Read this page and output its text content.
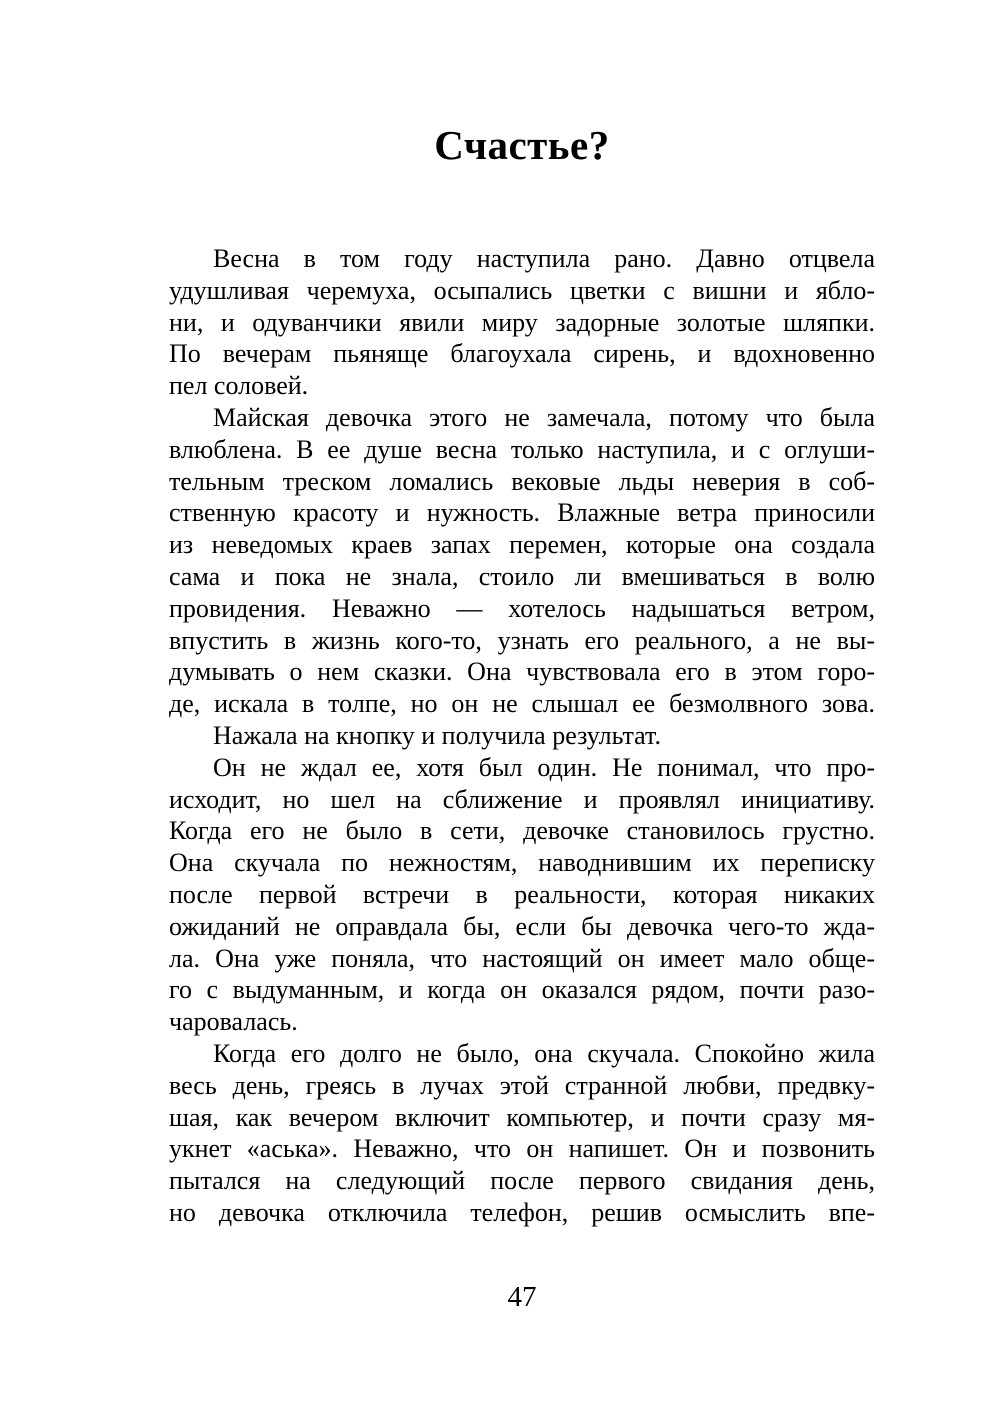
Счастье?
Весна в том году наступила рано. Давно отцвела
удушливая черемуха, осыпались цветки с вишни и ябло-
ни, и одуванчики явили миру задорные золотые шляпки.
По вечерам пьяняще благоухала сирень, и вдохновенно
пел соловей.
Майская девочка этого не замечала, потому что была
влюблена. В ее душе весна только наступила, и с оглуши-
тельным треском ломались вековые льды неверия в соб-
ственную красоту и нужность. Влажные ветра приносили
из неведомых краев запах перемен, которые она создала
сама и пока не знала, стоило ли вмешиваться в волю
провидения. Неважно — хотелось надышаться ветром,
впустить в жизнь кого-то, узнать его реального, а не вы-
думывать о нем сказки. Она чувствовала его в этом горо-
де, искала в толпе, но он не слышал ее безмолвного зова.
Нажала на кнопку и получила результат.
Он не ждал ее, хотя был один. Не понимал, что про-
исходит, но шел на сближение и проявлял инициативу.
Когда его не было в сети, девочке становилось грустно.
Она скучала по нежностям, наводнившим их переписку
после первой встречи в реальности, которая никаких
ожиданий не оправдала бы, если бы девочка чего-то жда-
ла. Она уже поняла, что настоящий он имеет мало обще-
го с выдуманным, и когда он оказался рядом, почти разо-
чаровалась.
Когда его долго не было, она скучала. Спокойно жила
весь день, греясь в лучах этой странной любви, предвку-
шая, как вечером включит компьютер, и почти сразу мя-
укнет «аська». Неважно, что он напишет. Он и позвонить
пытался на следующий после первого свидания день,
но девочка отключила телефон, решив осмыслить впе-
47
